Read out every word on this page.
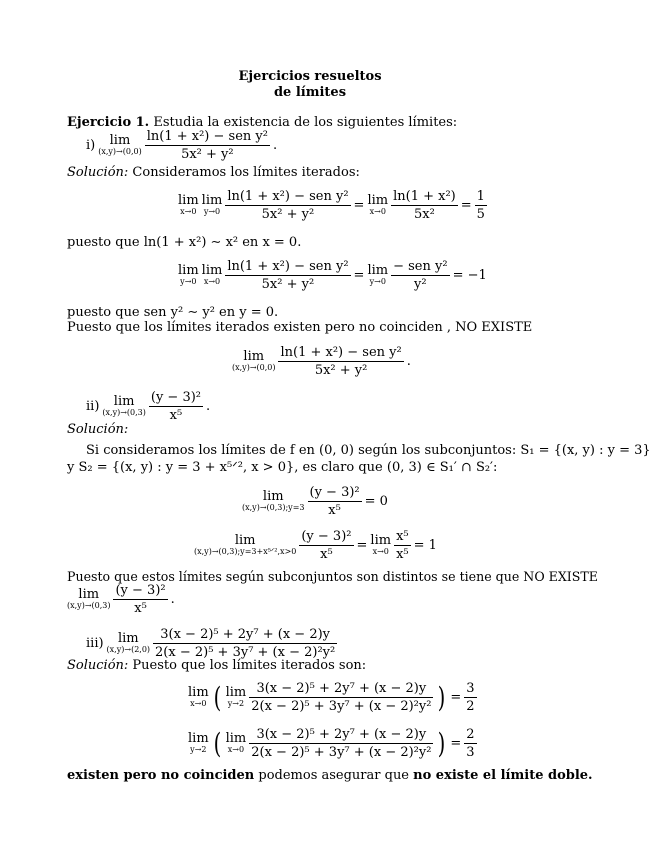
Ejercicios resueltos
de límites
Ejercicio 1. Estudia la existencia de los siguientes límites:
i)	lim
$(x,y)\to(0,0) \frac{\text{ln(1 + x²) − sen y²}}{\text{5x² + y²}}$ .
Solución: Consideramos los límites iterados:
lim
x→0
lim
$y\to 0 \frac{\text{ln(1 + x²) − sen y²}}{\text{5x² + y²}} = \lim$
$x\to 0 \frac{\text{ln(1 + x²)}}{\text{5x²}} = \frac{1}{5}$
puesto que ln(1 + x²) ∼ x² en x = 0.
lim
y→0
lim
$x\to 0 \frac{\text{ln(1 + x²) − sen y²}}{\text{5x² + y²}} = \lim$
$y\to 0 \frac{\text{− sen y²}}{\text{y²}} = -1$
puesto que sen y² ∼ y² en y = 0.
Puesto que los límites iterados existen pero no coinciden , NO EXISTE
lim
$(x,y)\to(0,0) \frac{\text{ln(1 + x²) − sen y²}}{\text{5x² + y²}}$ .
ii)	lim
$(x,y)\to(0,3) \frac{\text{(y − 3)²}}{\text{x⁵}}$ .
Solución:
Si consideramos los límites de f en (0, 0) según los subconjuntos: S₁ = {(x, y) : y = 3}
y S₂ = {(x, y) : y = 3 + x⁵ᐟ², x > 0}, es claro que (0, 3) ∈ S₁′ ∩ S₂′:
lim
(x,y)→(0,3);y=3 $\frac{\text{(y − 3)²}}{\text{x⁵}} = 0$
lim
(x,y)→(0,3);y=3+x⁵ᐟ²,x>0 $\frac{\text{(y − 3)²}}{\text{x⁵}} = \lim$
$x\to 0 \frac{\text{x⁵}}{\text{x⁵}} = 1$
Puesto que estos límites según subconjuntos son distintos se tiene que NO EXISTE
lim
$(x,y)\to(0,3) \frac{\text{(y − 3)²}}{\text{x⁵}}$ .
iii)	lim
$(x,y)\to(2,0) \frac{\text{3(x − 2)⁵ + 2y⁷ + (x − 2)y}}{\text{2(x − 2)⁵ + 3y⁷ + (x − 2)²y²}}$
Solución: Puesto que los límites iterados son:
lim
x→0 ( lim
$y\to 2 \frac{\text{3(x − 2)⁵ + 2y⁷ + (x − 2)y}}{\text{2(x − 2)⁵ + 3y⁷ + (x − 2)²y²}}$ ) = $\frac{3}{2}$
lim
y→2 ( lim
$x\to 0 \frac{\text{3(x − 2)⁵ + 2y⁷ + (x − 2)y}}{\text{2(x − 2)⁵ + 3y⁷ + (x − 2)²y²}}$ ) = $\frac{2}{3}$
existen pero no coinciden podemos asegurar que no existe el límite doble.
